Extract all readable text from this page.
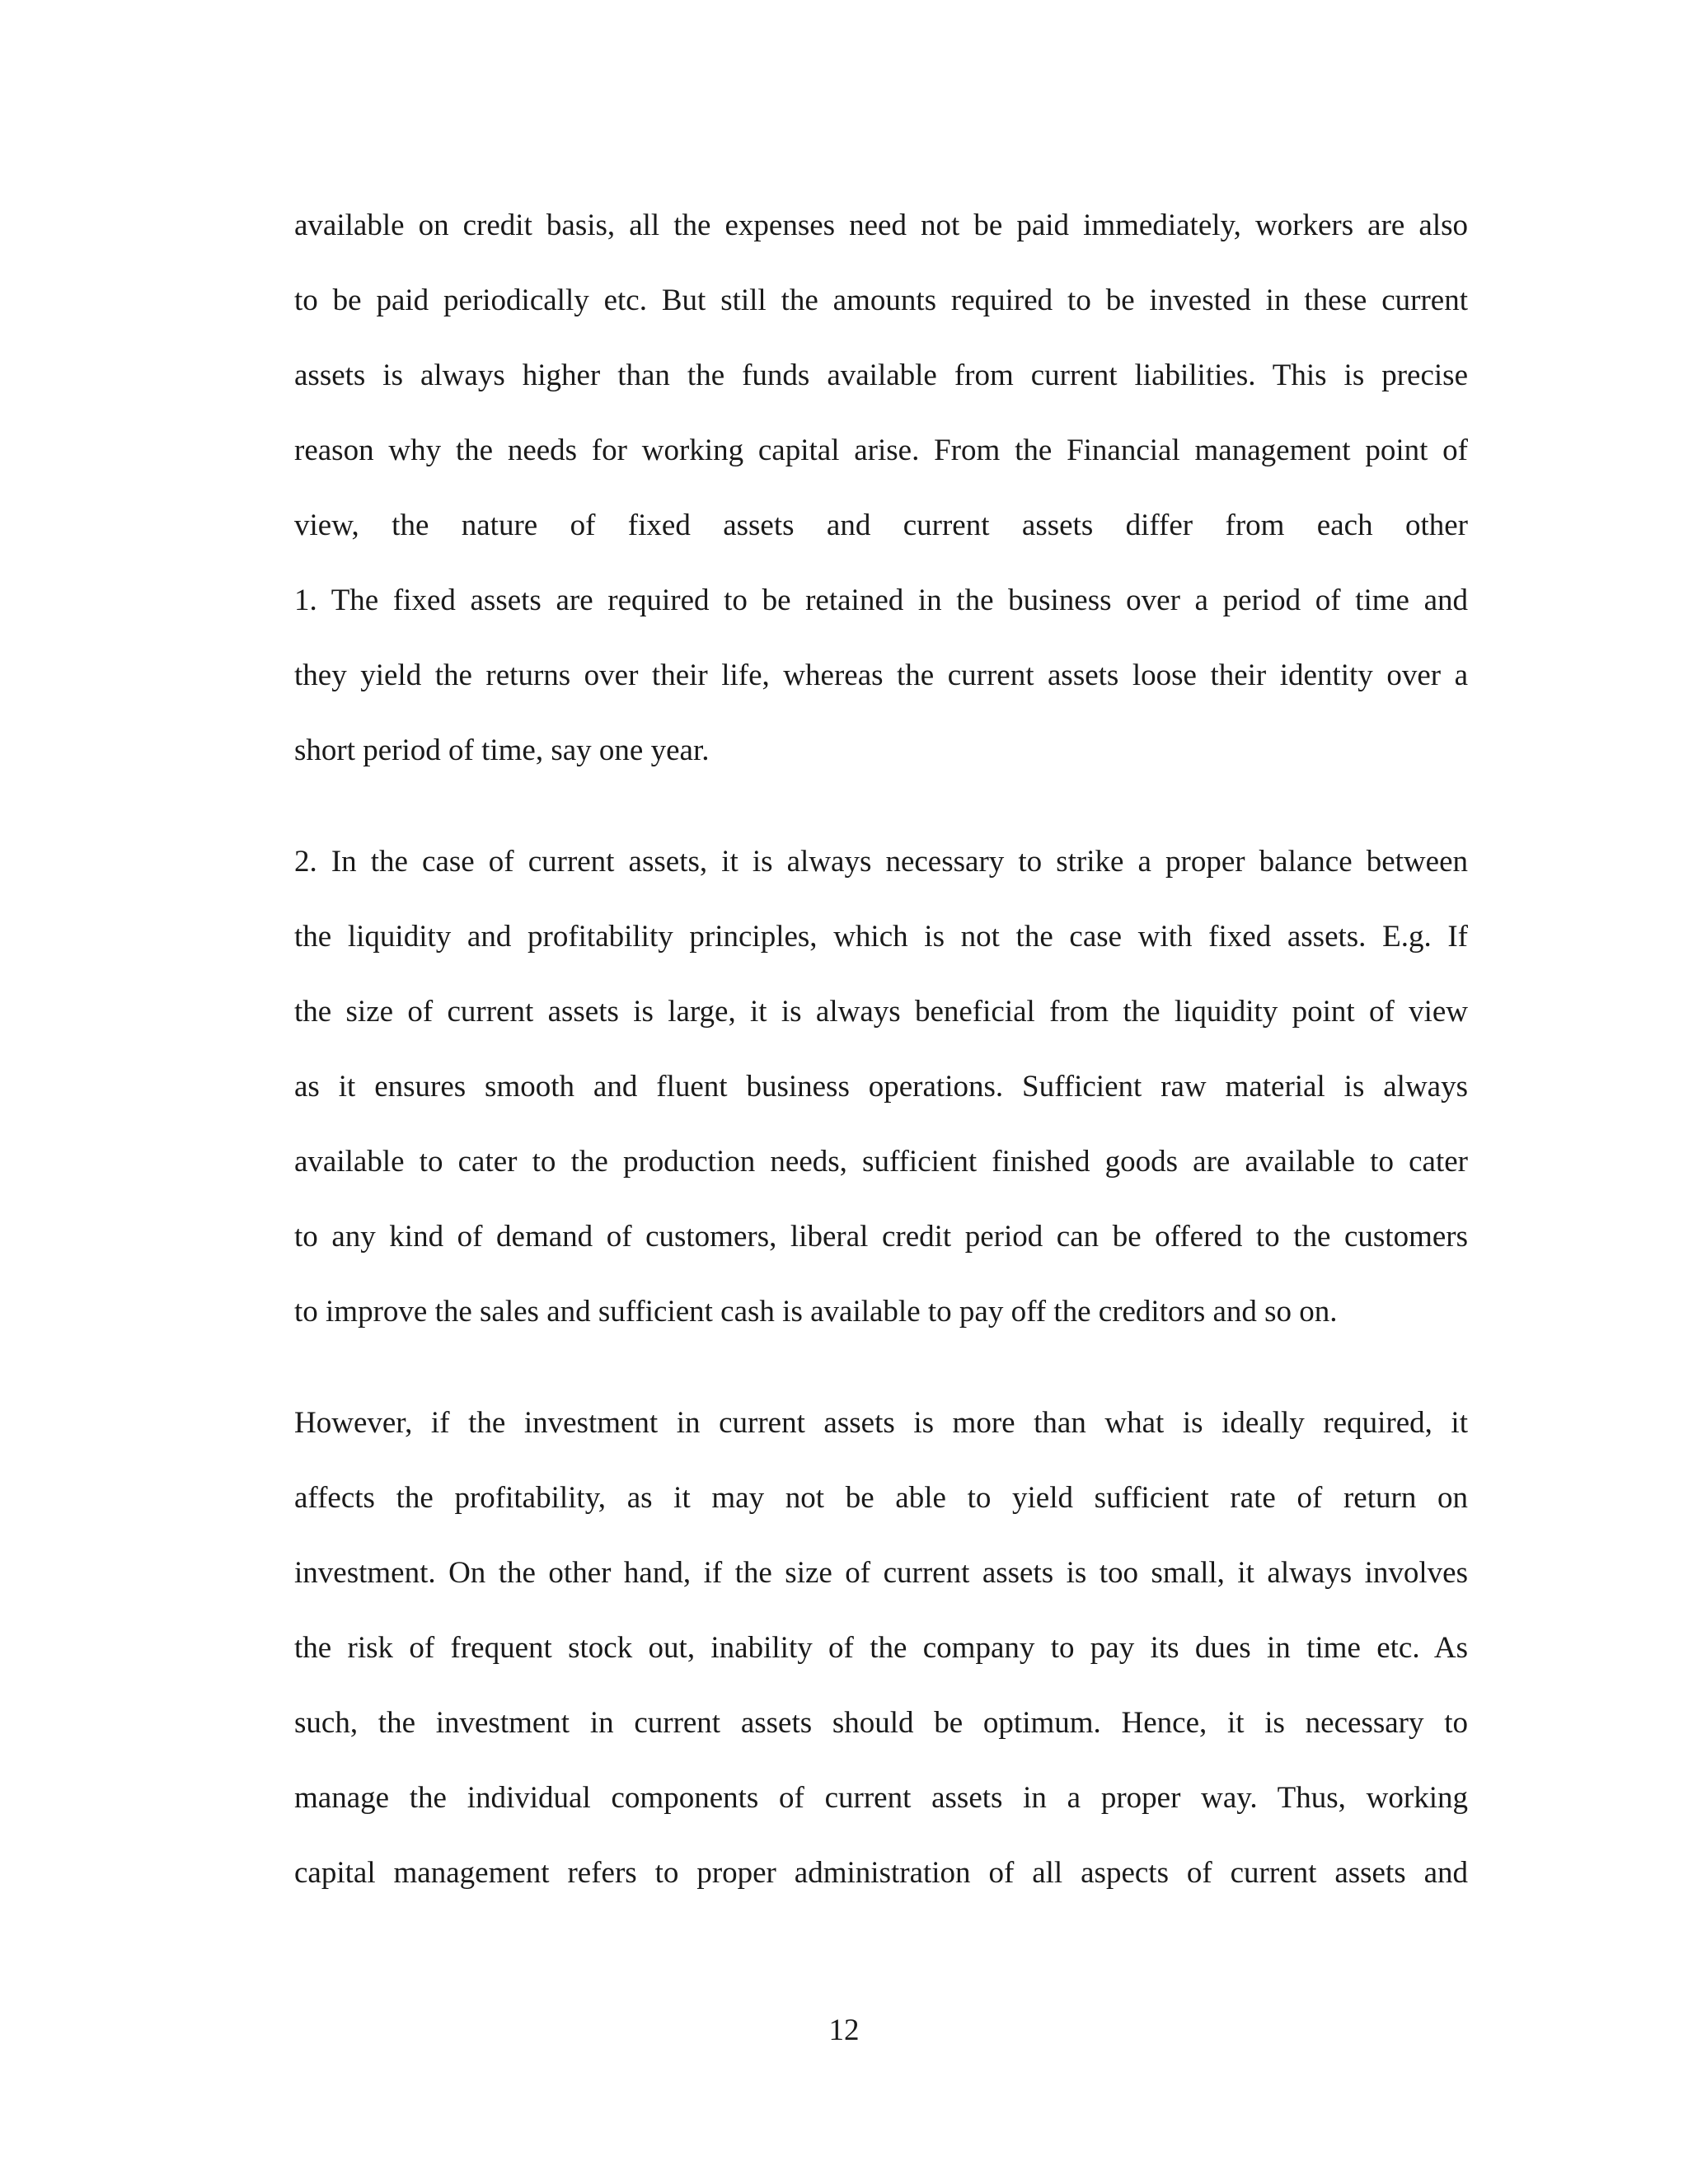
available on credit basis, all the expenses need not be paid immediately, workers are also
to be paid periodically etc. But still the amounts required to be invested in these current
assets is always higher than the funds available from current liabilities. This is precise
reason why the needs for working capital arise. From the Financial management point of
view, the nature of fixed assets and current assets differ from each other
1. The fixed assets are required to be retained in the business over a period of time and
they yield the returns over their life, whereas the current assets loose their identity over a
short period of time, say one year.

2. In the case of current assets, it is always necessary to strike a proper balance between
the liquidity and profitability principles, which is not the case with fixed assets. E.g. If
the size of current assets is large, it is always beneficial from the liquidity point of view
as it ensures smooth and fluent business operations. Sufficient raw material is always
available to cater to the production needs, sufficient finished goods are available to cater
to any kind of demand of customers, liberal credit period can be offered to the customers
to improve the sales and sufficient cash is available to pay off the creditors and so on.

However, if the investment in current assets is more than what is ideally required, it
affects the profitability, as it may not be able to yield sufficient rate of return on
investment. On the other hand, if the size of current assets is too small, it always involves
the risk of frequent stock out, inability of the company to pay its dues in time etc. As
such, the investment in current assets should be optimum. Hence, it is necessary to
manage the individual components of current assets in a proper way. Thus, working
capital management refers to proper administration of all aspects of current assets and

12
